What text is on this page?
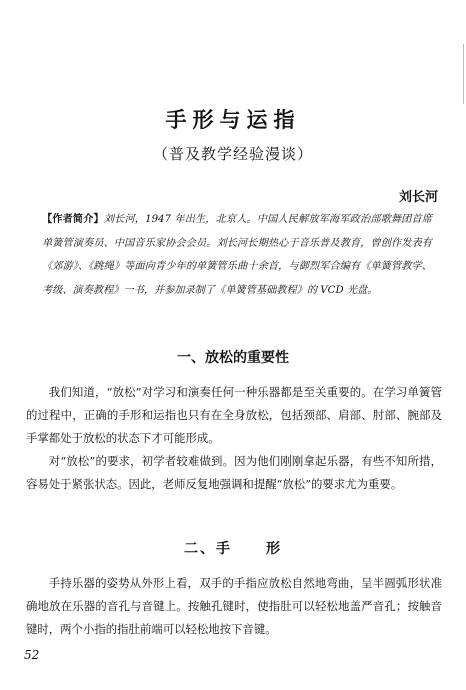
手形与运指
（普及教学经验漫谈）
刘长河
【作者简介】刘长河，1947 年出生，北京人。中国人民解放军海军政治部歌舞团首席单簧管演奏员、中国音乐家协会会员。刘长河长期热心于音乐普及教育，曾创作发表有《郊游》、《跳绳》等面向青少年的单簧管乐曲十余首，与御烈军合编有《单簧管教学、考级、演奏教程》一书，并参加录制了《单簧管基础教程》的 VCD 光盘。
一、放松的重要性

我们知道，“放松”对学习和演奏任何一种乐器都是至关重要的。在学习单簧管的过程中，正确的手形和运指也只有在全身放松，包括颈部、肩部、肘部、腕部及手掌都处于放松的状态下才可能形成。

对“放松”的要求，初学者较难做到。因为他们刚刚拿起乐器，有些不知所措，容易处于紧张状态。因此，老师反复地强调和提醒“放松”的要求尤为重要。

二、手 形

手持乐器的姿势从外形上看，双手的手指应放松自然地弯曲，呈半圆弧形状准确地放在乐器的音孔与音键上。按触孔键时，使指肚可以轻松地盖严音孔；按触音键时，两个小指的指肚前端可以轻松地按下音键。

52
